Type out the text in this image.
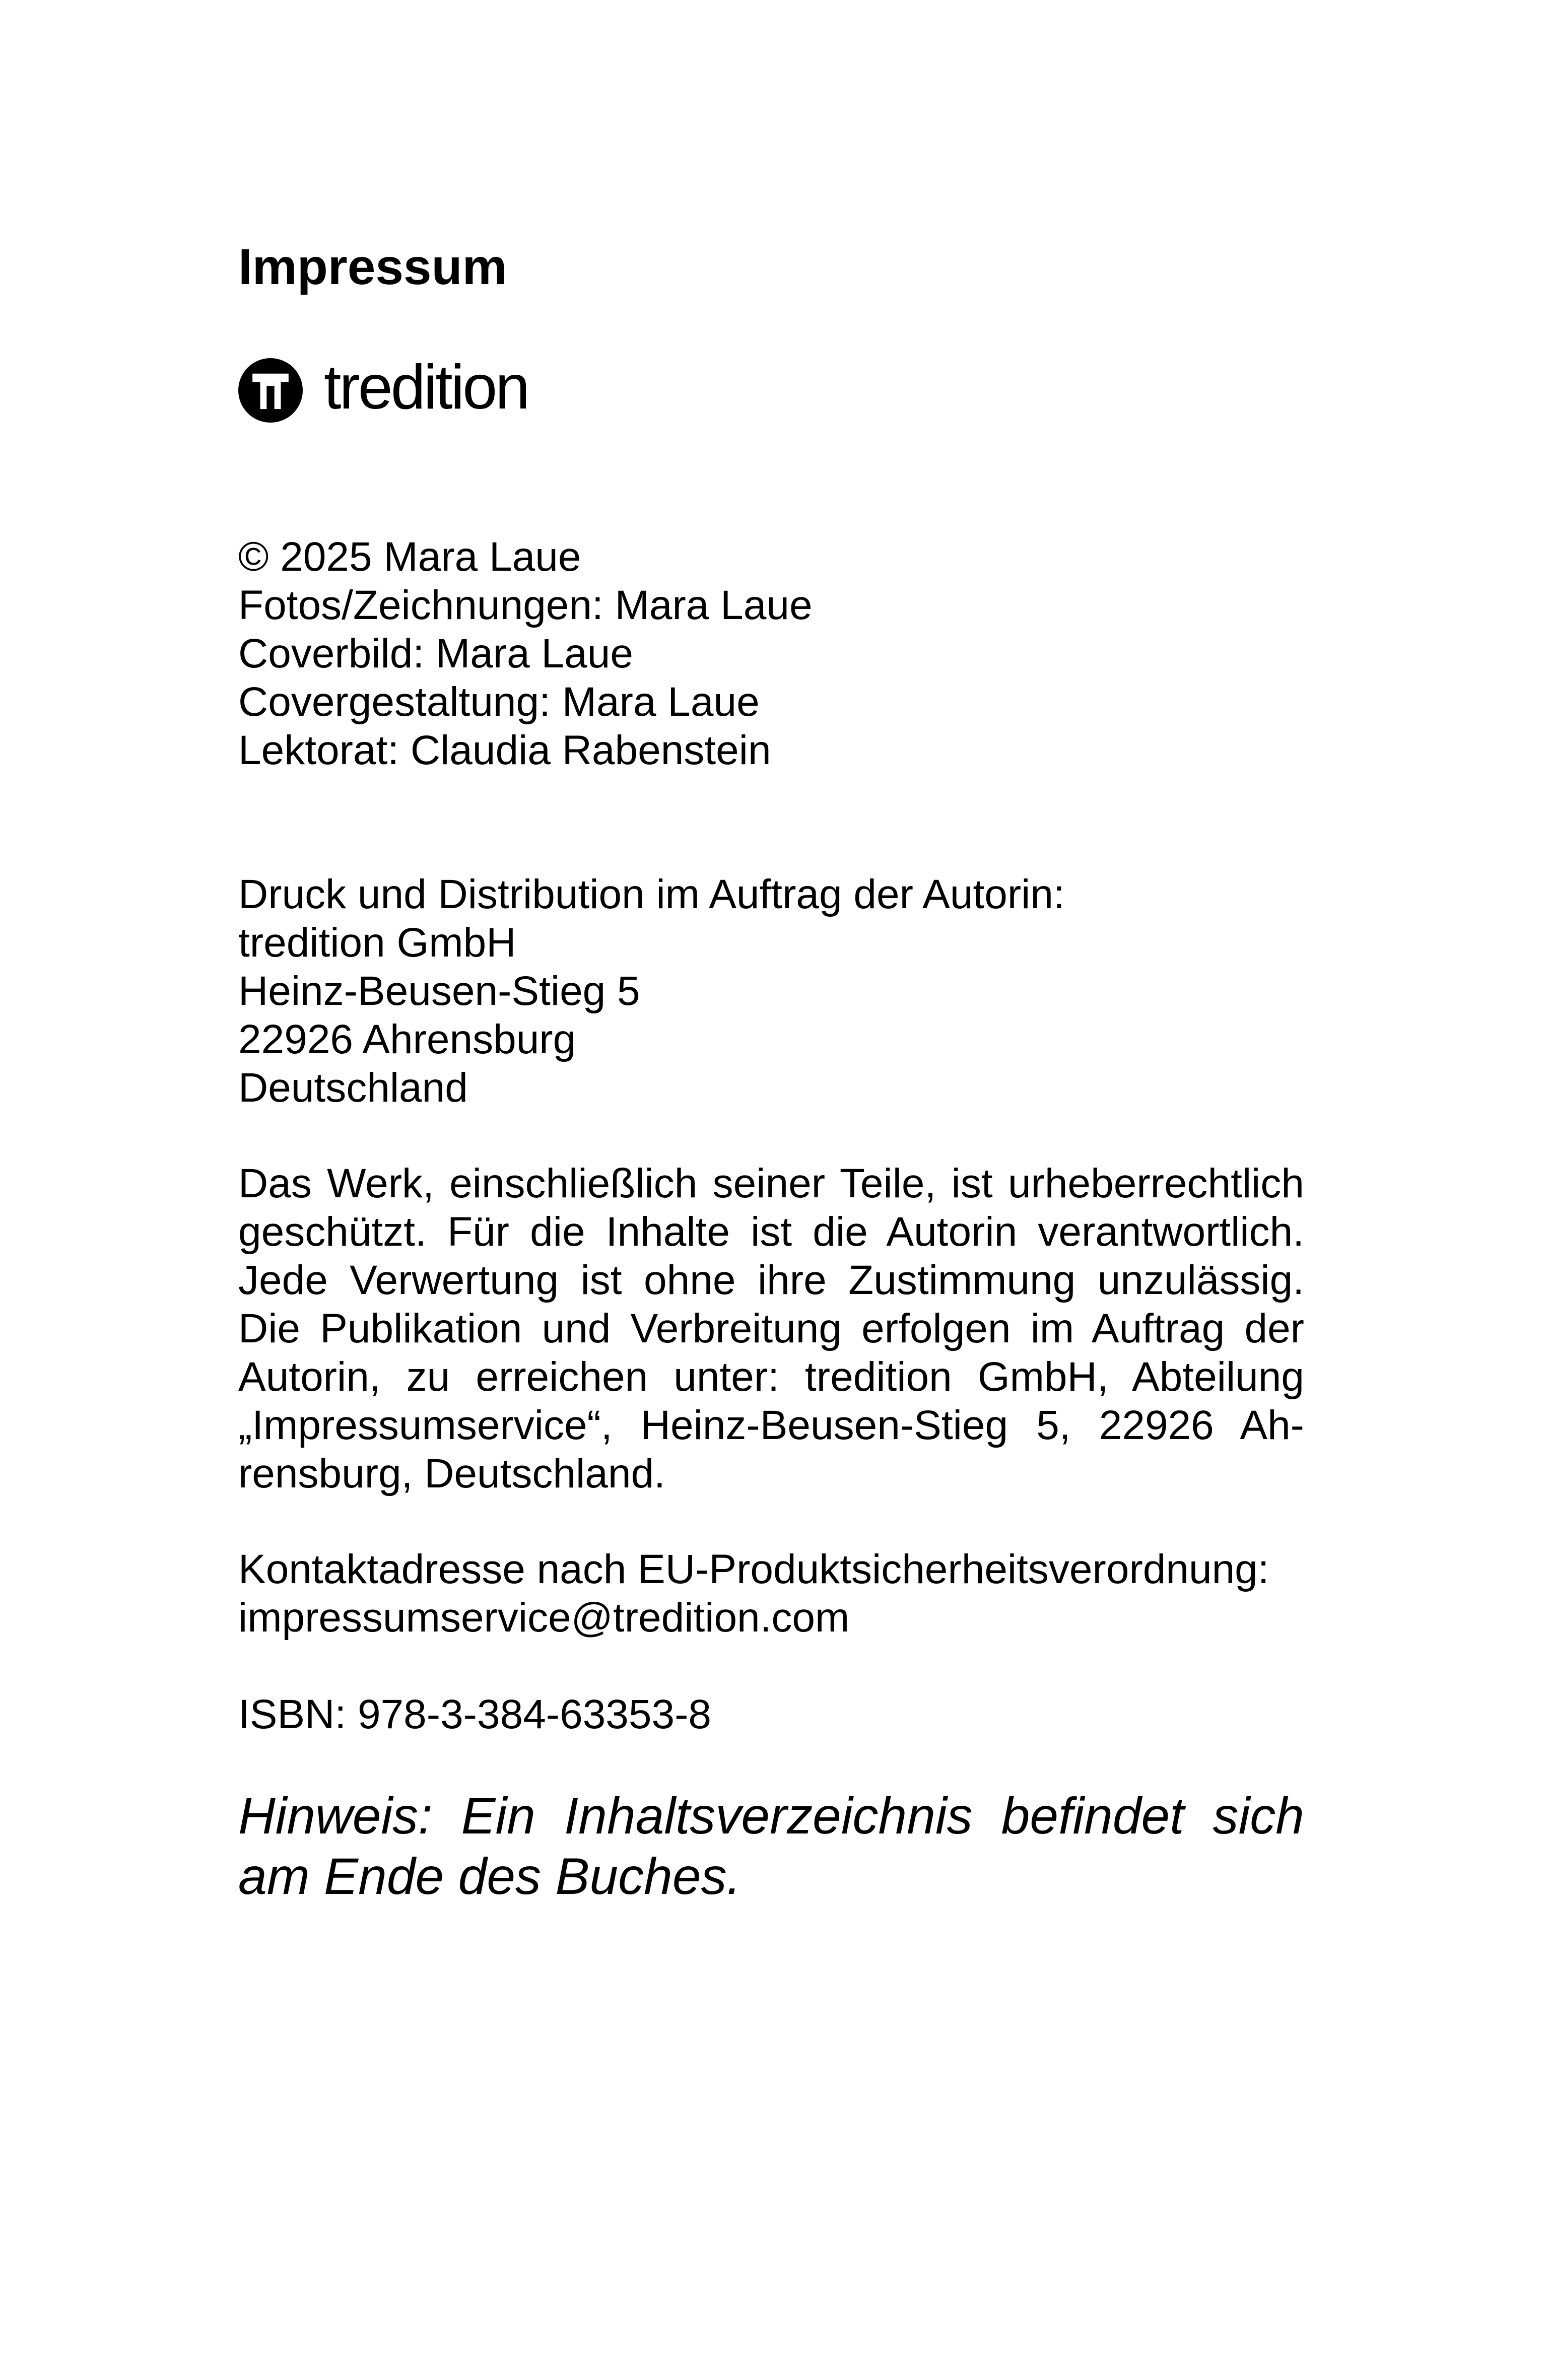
Impressum
tredition
© 2025 Mara Laue
Fotos/Zeichnungen: Mara Laue
Coverbild: Mara Laue
Covergestaltung: Mara Laue
Lektorat: Claudia Rabenstein
Druck und Distribution im Auftrag der Autorin:
tredition GmbH
Heinz-Beusen-Stieg 5
22926 Ahrensburg
Deutschland
Das Werk, einschließlich seiner Teile, ist urheberrechtlich
geschützt. Für die Inhalte ist die Autorin verantwortlich.
Jede Verwertung ist ohne ihre Zustimmung unzulässig.
Die Publikation und Verbreitung erfolgen im Auftrag der
Autorin, zu erreichen unter: tredition GmbH, Abteilung
„Impressumservice“, Heinz-Beusen-Stieg 5, 22926 Ah-
rensburg, Deutschland.
Kontaktadresse nach EU-Produktsicherheitsverordnung:
impressumservice@tredition.com
ISBN: 978-3-384-63353-8
Hinweis: Ein Inhaltsverzeichnis befindet sich
am Ende des Buches.
